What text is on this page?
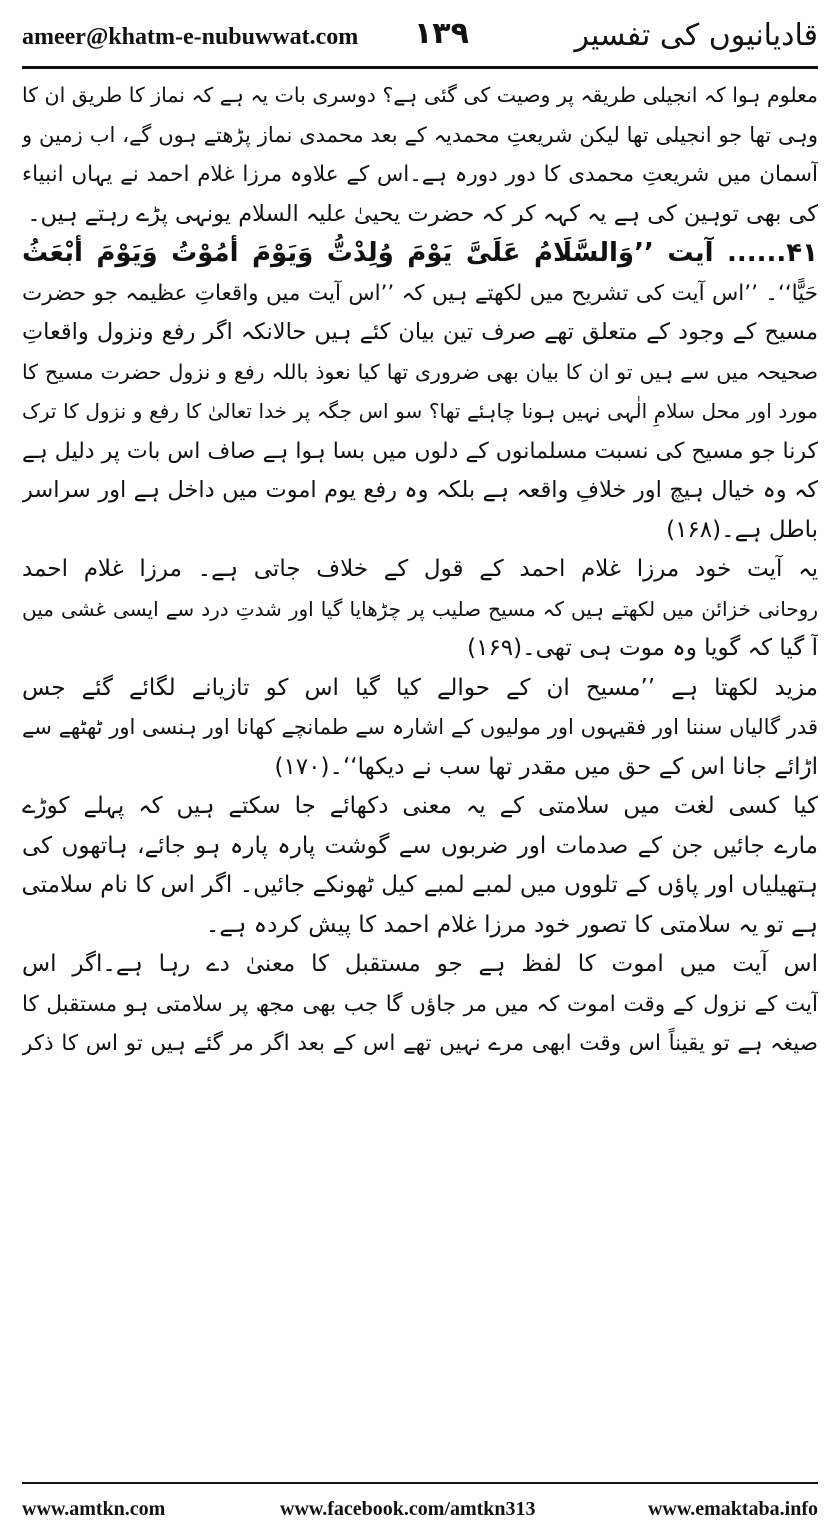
ameer@khatm-e-nubuwwat.com ۱۳۹	قادیانیوں کی تفسیر
معلوم ہوا کہ انجیلی طریقہ پر وصیت کی گئی ہے؟ دوسری بات یہ ہے کہ نماز کا طریق ان کا
وہی تھا جو انجیلی تھا لیکن شریعتِ محمدیہ کے بعد محمدی نماز پڑھتے ہوں گے، اب زمین و
آسمان میں شریعتِ محمدی کا دور دورہ ہے۔اس کے علاوہ مرزا غلام احمد نے یہاں انبیاء
کی بھی توہین کی ہے یہ کہہ کر کہ حضرت یحییٰ علیہ السلام یونہی پڑے رہتے ہیں۔
۴۱...... آیت ’’وَالسَّلَامُ عَلَیَّ یَوْمَ وُلِدْتُّ وَیَوْمَ أَمُوْتُ وَیَوْمَ أُبْعَثُ
حَیًّا‘‘۔ ’’اس آیت کی تشریح میں لکھتے ہیں کہ ’’اس آیت میں واقعاتِ عظیمہ جو حضرت
مسیح کے وجود کے متعلق تھے صرف تین بیان کئے ہیں حالانکہ اگر رفع ونزول واقعاتِ
صحیحہ میں سے ہیں تو ان کا بیان بھی ضروری تھا کیا نعوذ باللہ رفع و نزول حضرت مسیح کا
مورد اور محل سلامِ الٰہی نہیں ہونا چاہئے تھا؟ سو اس جگہ پر خدا تعالیٰ کا رفع و نزول کا ترک
کرنا جو مسیح کی نسبت مسلمانوں کے دلوں میں بسا ہوا ہے صاف اس بات پر دلیل ہے
کہ وہ خیال ہیچ اور خلافِ واقعہ ہے بلکہ وہ رفع یوم اموت میں داخل ہے اور سراسر
باطل ہے۔(۱۶۸)
یہ آیت خود مرزا غلام احمد کے قول کے خلاف جاتی ہے۔ مرزا غلام احمد
روحانی خزائن میں لکھتے ہیں کہ مسیح صلیب پر چڑھایا گیا اور شدتِ درد سے ایسی غشی میں
آ گیا کہ گویا وہ موت ہی تھی۔(۱۶۹)
مزید لکھتا ہے ’’مسیح ان کے حوالے کیا گیا اس کو تازیانے لگائے گئے جس
قدر گالیاں سننا اور فقیہوں اور مولیوں کے اشارہ سے طمانچے کھانا اور ہنسی اور ٹھٹھے سے
اڑائے جانا اس کے حق میں مقدر تھا سب نے دیکھا‘‘۔(۱۷۰)
کیا کسی لغت میں سلامتی کے یہ معنی دکھائے جا سکتے ہیں کہ پہلے کوڑے
مارے جائیں جن کے صدمات اور ضربوں سے گوشت پارہ پارہ ہو جائے، ہاتھوں کی
ہتھیلیاں اور پاؤں کے تلووں میں لمبے لمبے کیل ٹھونکے جائیں۔ اگر اس کا نام سلامتی
ہے تو یہ سلامتی کا تصور خود مرزا غلام احمد کا پیش کردہ ہے۔
اس آیت میں اموت کا لفظ ہے جو مستقبل کا معنیٰ دے رہا ہے۔اگر اس
آیت کے نزول کے وقت اموت کہ میں مر جاؤں گا جب بھی مجھ پر سلامتی ہو مستقبل کا
صیغہ ہے تو یقیناً اس وقت ابھی مرے نہیں تھے اس کے بعد اگر مر گئے ہیں تو اس کا ذکر
www.amtkn.com	www.facebook.com/amtkn313	www.emaktaba.info
